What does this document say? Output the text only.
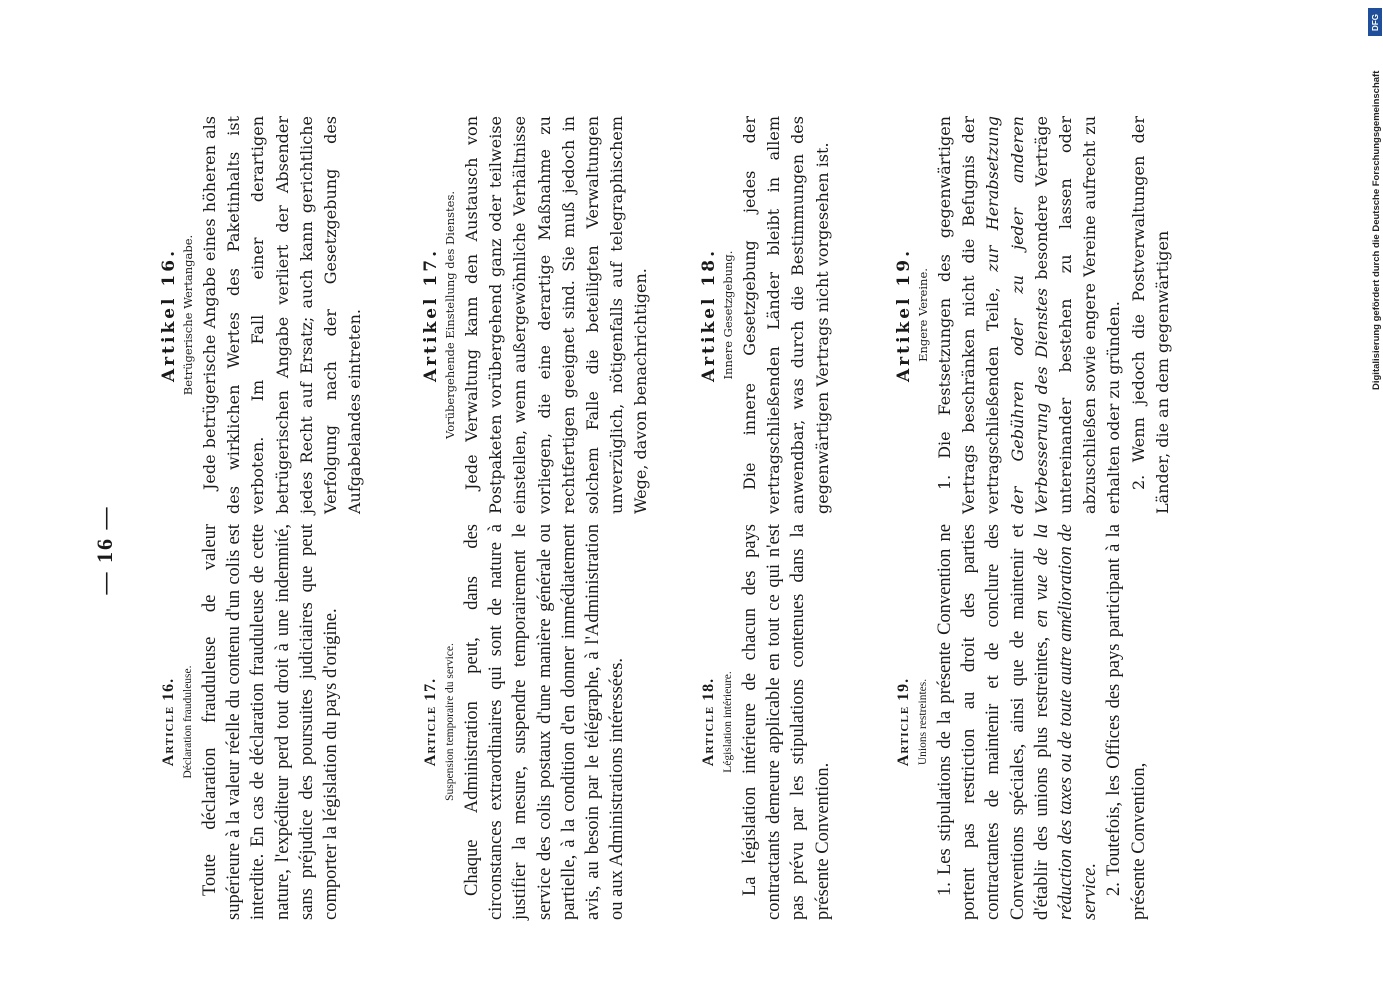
— 16 —

Article 16. Déclaration frauduleuse. Toute déclaration frauduleuse de valeur supérieure à la valeur réelle du contenu d'un colis est interdite. En cas de déclaration frauduleuse de cette nature, l'expéditeur perd tout droit à une indemnité, sans préjudice des poursuites judiciaires que peut comporter la législation du pays d'origine.	Article 17. Suspension temporaire du service. Chaque Administration peut, dans des circonstances extraordinaires qui sont de nature à justifier la mesure, suspendre temporairement le service des colis postaux d'une manière générale ou partielle, à la condition d'en donner immédiatement avis, au besoin par le télégraphe, à l'Administration ou aux Administrations intéressées.	Article 18. Législation intérieure. La législation intérieure de chacun des pays contractants demeure applicable en tout ce qui n'est pas prévu par les stipulations contenues dans la présente Convention.

Article 19. Unions restreintes. 1. Les stipulations de la présente Convention ne portent pas restriction au droit des parties contractantes de maintenir et de conclure des Conventions spéciales, ainsi que de maintenir et d'établir des unions plus restreintes, en vue de la réduction des taxes ou de toute autre amélioration de service. 2. Toutefois, les Offices des pays participant à la présente Convention,

Artikel 16. Betrügerische Wertangabe. Jede betrügerische Angabe eines höheren als des wirklichen Wertes des Paketinhalts ist verboten. Im Fall einer derartigen betrügerischen Angabe verliert der Absender jedes Recht auf Ersatz; auch kann gerichtliche Verfolgung nach der Gesetzgebung des Aufgabelandes eintreten.	Artikel 17. Vorübergehende Einstellung des Dienstes. Jede Verwaltung kann den Austausch von Postpaketen vorübergehend ganz oder teilweise einstellen, wenn außergewöhnliche Verhältnisse vorliegen, die eine derartige Maßnahme zu rechtfertigen geeignet sind. Sie muß jedoch in solchem Falle die beteiligten Verwaltungen unverzüglich, nötigenfalls auf telegraphischem Wege, davon benachrichtigen.	Artikel 18. Innere Gesetzgebung. Die innere Gesetzgebung jedes der vertragschließenden Länder bleibt in allem anwendbar, was durch die Bestimmungen des gegenwärtigen Vertrags nicht vorgesehen ist.	Artikel 19. Engere Vereine. 1. Die Festsetzungen des gegenwärtigen Vertrags beschränken nicht die Befugnis der vertragschließenden Teile, zur Herabsetzung der Gebühren oder zu jeder anderen Verbesserung des Dienstes besondere Verträge untereinander bestehen zu lassen oder abzuschließen sowie engere Vereine aufrecht zu erhalten oder zu gründen. 2. Wenn jedoch die Postverwaltungen der Länder, die an dem gegenwärtigen

DFG
Digitalisierung gefördert durch die Deutsche Forschungsgemeinschaft
